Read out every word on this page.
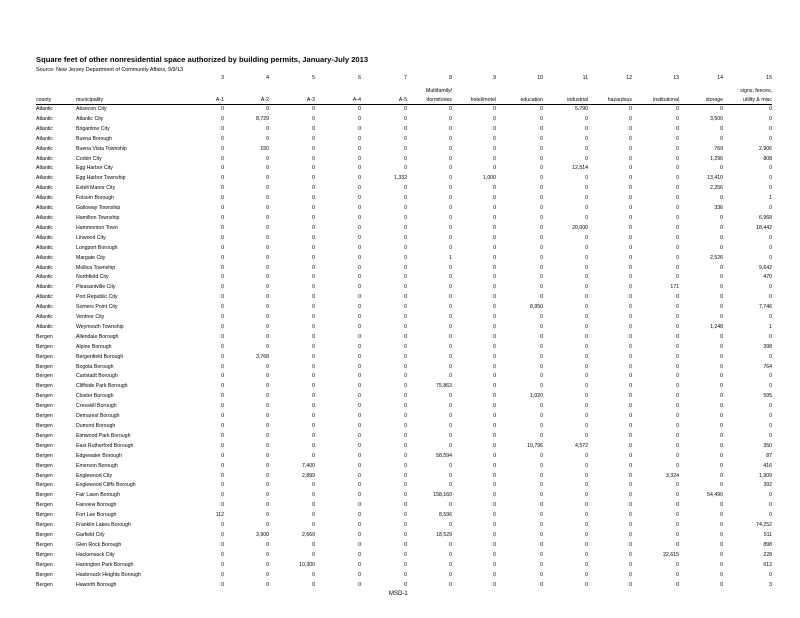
Square feet of other nonresidential space authorized by building permits, January-July 2013
Source: New Jersey Department of Community Affairs, 9/9/13
		3	4	5	6	7	8	9	10	11	12	13	14	15

							Multifamily/							signs, fences,
county	municipality	A-1	A-2	A-3	A-4	A-5	dormitories	hotel/motel	education	industrial	hazardous	institutional	storage	utility & misc
Atlantic	Absecon City	0	0	0	0	0	0	0	0	5,790	0	0	0	0
Atlantic	Atlantic City	0	8,729	0	0	0	0	0	0	0	0	0	3,500	0
Atlantic	Brigantine City	0	0	0	0	0	0	0	0	0	0	0	0	0
Atlantic	Buena Borough	0	0	0	0	0	0	0	0	0	0	0	0	0
Atlantic	Buena Vista Township	0	150	0	0	0	0	0	0	0	0	0	769	2,906
Atlantic	Corbin City	0	0	0	0	0	0	0	0	0	0	0	1,296	808
Atlantic	Egg Harbor City	0	0	0	0	0	0	0	0	12,514	0	0	0	0
Atlantic	Egg Harbor Township	0	0	0	0	1,332	0	1,000	0	0	0	0	13,410	0
Atlantic	Estell Manor City	0	0	0	0	0	0	0	0	0	0	0	2,256	0
Atlantic	Folsom Borough	0	0	0	0	0	0	0	0	0	0	0	0	1
Atlantic	Galloway Township	0	0	0	0	0	0	0	0	0	0	0	336	0
Atlantic	Hamilton Township	0	0	0	0	0	0	0	0	0	0	0	0	6,968
Atlantic	Hammonton Town	0	0	0	0	0	0	0	0	20,000	0	0	0	18,442
Atlantic	Linwood City	0	0	0	0	0	0	0	0	0	0	0	0	0
Atlantic	Longport Borough	0	0	0	0	0	0	0	0	0	0	0	0	0
Atlantic	Margate City	0	0	0	0	0	1	0	0	0	0	0	2,526	0
Atlantic	Mullica Township	0	0	0	0	0	0	0	0	0	0	0	0	9,642
Atlantic	Northfield City	0	0	0	0	0	0	0	0	0	0	0	0	470
Atlantic	Pleasantville City	0	0	0	0	0	0	0	0	0	0	171	0	0
Atlantic	Port Republic City	0	0	0	0	0	0	0	0	0	0	0	0	0
Atlantic	Somers Point City	0	0	0	0	0	0	0	8,950	0	0	0	0	7,746
Atlantic	Ventnor City	0	0	0	0	0	0	0	0	0	0	0	0	0
Atlantic	Weymouth Township	0	0	0	0	0	0	0	0	0	0	0	1,248	1
Bergen	Allendale Borough	0	0	0	0	0	0	0	0	0	0	0	0	0
Bergen	Alpine Borough	0	0	0	0	0	0	0	0	0	0	0	0	398
Bergen	Bergenfield Borough	0	3,768	0	0	0	0	0	0	0	0	0	0	0
Bergen	Bogota Borough	0	0	0	0	0	0	0	0	0	0	0	0	764
Bergen	Carlstadt Borough	0	0	0	0	0	0	0	0	0	0	0	0	0
Bergen	Cliffside Park Borough	0	0	0	0	0	75,863	0	0	0	0	0	0	0
Bergen	Closter Borough	0	0	0	0	0	0	0	1,020	0	0	0	0	595
Bergen	Cresskill Borough	0	0	0	0	0	0	0	0	0	0	0	0	0
Bergen	Demarest Borough	0	0	0	0	0	0	0	0	0	0	0	0	0
Bergen	Dumont Borough	0	0	0	0	0	0	0	0	0	0	0	0	0
Bergen	Elmwood Park Borough	0	0	0	0	0	0	0	0	0	0	0	0	0
Bergen	East Rutherford Borough	0	0	0	0	0	0	0	10,796	4,572	0	0	0	350
Bergen	Edgewater Borough	0	0	0	0	0	58,594	0	0	0	0	0	0	87
Bergen	Emerson Borough	0	0	7,400	0	0	0	0	0	0	0	0	0	416
Bergen	Englewood City	0	0	2,899	0	0	0	0	0	0	0	3,324	0	1,909
Bergen	Englewood Cliffs Borough	0	0	0	0	0	0	0	0	0	0	0	0	392
Bergen	Fair Lawn Borough	0	0	0	0	0	158,160	0	0	0	0	0	54,490	0
Bergen	Fairview Borough	0	0	0	0	0	0	0	0	0	0	0	0	0
Bergen	Fort Lee Borough	112	0	0	0	0	8,596	0	0	0	0	0	0	0
Bergen	Franklin Lakes Borough	0	0	0	0	0	0	0	0	0	0	0	0	74,252
Bergen	Garfield City	0	3,900	2,669	0	0	18,529	0	0	0	0	0	0	511
Bergen	Glen Rock Borough	0	0	0	0	0	0	0	0	0	0	0	0	898
Bergen	Hackensack City	0	0	0	0	0	0	0	0	0	0	22,615	0	228
Bergen	Harrington Park Borough	0	0	10,300	0	0	0	0	0	0	0	0	0	612
Bergen	Hasbrouck Heights Borough	0	0	0	0	0	0	0	0	0	0	0	0	0
Bergen	Haworth Borough	0	0	0	0	0	0	0	0	0	0	0	0	3
MSD-1
